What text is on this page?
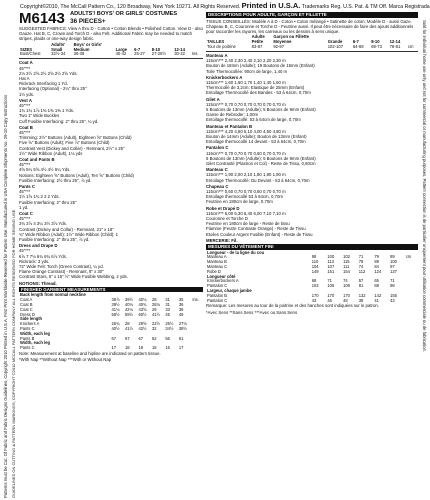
Copyright©2010, The McCall Pattern Co., 120 Broadway, New York 10271. All Rights Reserved. Printed in U.S.A. Trademarks Reg. U.S. Pat. & TM Off. Marca Registrada
Patterns must be Cut, Of Fabric and Fabric Designs Guidelines, Copyright 2010 Printed in U.S.A. First Print Worldwide Reserved for Pattern Use: Manufactured in USA Complete Shipments No. 29-10 Copy Instructions GUIDELINES ON CUTTING & PATTERN MARKINGS, COPYRIGHT ©2010 MCCALL PATTERN COMPANY ALL RIGHTS RESERVED FOR HOME SEWING USE
Sold for individual home use only and not for commercial or manufacturing purposes. Pattern connection is de particulier uniquement pour utilisation commerciale ou de fabrication.
M6143 ADULTS'/ BOYS' OR GIRLS' COSTUMES
36 PIECES+
SUGGESTED FABRICS: View A thru D - Cotton • Cotton Blends • Polished Cotton. View D - also Gauze. Hat B, C, Crown and Torch D - also Felt. Additional Fabric may be needed to match stripes, plaids or one-way design fabric.
	Adults'	Boys' or Girls'					
SIZES	Small	Medium	Large	6-7	8-10	12-14	
Bust/Chest	32½-34	36-38	40-42	25-27	27-28½	30-32	Ins.
Coat A
45"***
2⅛ 2½ 2⅝ 2½ 2⅝ 2½ 2⅝ Yds.
Hat A
Rickrack Interfacing 1 Yd.
Interfacing (Optional) - 2¼" thru 25"
1½ yds.
Vest A
45"***
1¾ 1¾ 1⅞ 1⅜ 1⅜ 1⅜ 1 Yds.
Two 1" Wide Buckles
Cuff Fusible Interfacing: 2" thru 25", ¼ yd.
Coat B
45"***
Trimming: 2½" Buttons (Adult), Eighteen ⅝" Buttons (Child)
Five ⅝" Buttons (Adult); Five ⅞" Buttons (Child)
Contrast Vest (Dickey and Collar) - Remnant, 2½" x 25"
1½" Wide Ribbon (Adult), 1⅛ yds
Coat and Pants B
45"***
4⅝ 5¼ 5⅝ 4½ 4½ 5¼ Yds.
Notions: Eighteen ⅝" Buttons (Adult), Ten ⅝" Buttons (Child)
Fusible Interfacing: 2½ thru 25", ⅞ yd.
Pants C
45"***
1½ 1⅝ 1¾ 2 2 2 Yds.
Fusible Interfacing: 2" thru 25"
1 yd.
Coat C
45"***
3¾ 3⅞ 4 3¼ 3½ 3⅞ Yds.
Contrast (Dickey and Collar) - Remnant, 21" x 18"
¾" Wide Ribbon (Adult): 1½" Wide Ribbon (Child): 1
Fusible Interfacing: 2" thru 25", ⅞ yd.
Dress and Drape D
45"***
6⅞ 7 7⅛ 6¾ 6¾ 6⅞ Yds.
Rickrack: 3 yds.
72" Wide Felt: Torch (Green Contrast), ¼ yd.
Flame Orange Contrast) - Remnant, 8" x 30"
Contrast Stars, 5" x 15" ½" Wide Fusible Webbing, 2 yds.
NOTIONS: Thread.
FINISHED GARMENT MEASUREMENTS
Back length from normal neckline							
Coat A	38⅞	39½	40⅛	28	31	35	Ins.
Coat B	39½	40⅛	40¾	28⅛	31	36	
Coat C	41⅛	42⅛	43⅝	29	33	38	
Dress D	58½	59½	60½	41½	45	49	
Side length							
Knickers A	26¾	28	29⅝	22½	25½	27⅛	
Pants C	40½	41½	42½	32	34½	38½	
Width, each leg							
Pants B	67	67	67	52	56	61	
Width, each leg							
Pants C	17	18	19	15	16	17	
Note: Measurement at baseline and hipline are indicated on pattern tissue.
*With Nap **Without Nap ***With or Without Nap
DESCRIPTIONS POUR ADULTE, GARÇON ET FILLETTE
TISSUS CONSEILLÉS: Modèle A à D - Coton • Coton mélangé • Satinette de coton; Modèle D - aussi Gaze. Chapeau B, C, Couronne et Torche D - Feutrine aussi. Il peut être nécessaire de faire des ajouts additionnels pour raccorder les rayures, les carreaux ou les dessins à sens unique.
	Adulte	Garçon ou Fillette					
TAILLES	Petite	Moyenne	Grande	6-7	8-10	12-14	
Tour de poitrine	83-87	92-97	102-107	64-69	69-73	76-81	cm
Manteau A
115cm*** 2,40 2,30 2,40 2,10 2,20 2,30 m
Bouton de 18mm (Adulte); 19 Boutons de 15mm (Enfant)
Toile Thermocollée: 90cm de large, 1,40 m
Knickerbockers A
115cm*** 1,60 1,60 1,70 1,40 1,40 1,60 m
Thermocollé de 3,2cm; Elastique de 25mm (Enfant)
Entoilage Thermocollé des Bandes - 53 à 64cm, 0,70m
Gilet A
115cm*** 0,70 0,70 0,70 0,70 0,70 0,70 m
5 Boutons de 13mm (Adulte); 5 Boutons de 9mm (Enfant)
Ganse de Rebroder; 1,00m
Entoilage thermocollé: 53 à 64cm de large, 0,70m
Manteau et Pantalon B
115cm*** 4,20 4,60 5,10 4,00 4,50 4,80 m
Bouton de 14mm (Adulte); Bouton de 13mm (Enfant)
Entoilage thermocollé 14 devant - 53 à 64cm, 0,70m
Pantalon C
115cm*** 0,70 0,70 0,70 0,60 0,70 0,70 m
5 Boutons de 13mm (Adulte); 5 Boutons de 9mm (Enfant)
Gilet Contrasté (Plastron et Col) - Reste de Tissu, 0,60cm
Manteau C
115cm*** 1,90 2,00 2,10 1,80 1,80 1,90 m
Entoilage Thermocollé: Du Devant - 53 à 64cm, 0,70m
Chapeau C
115cm*** 0,60 0,70 0,70 0,60 0,70 0,70 m
Entoilage thermocollé 53 à 64cm, 0,70m
Feutrine en 180cm de large, 0,70m
Robe et Drapé D
115cm*** 6,00 6,30 6,40 6,00 7,10 7,10 m
Couronne et Torche D
Feutrine en 180cm de large - Reste de tissu
Flamme (Feutre Contraste Orange) - Reste de Tissu
Etoiles Couleur Argent Fusible (Enfant) - Reste de Tissu
MERCERIE: Fil.
MESURES DU VÊTEMENT FINI
Longueur - de la ligne du cou							
Manteau A	98	100	102	71	79	89	cm
Manteau B	110	113	115	79	89	100	
Manteau C	104	107	111	74	84	97	
Robe D	149	151	154	112	124	137	
Longueur côté							
Knickerbockers A	68	71	74	57	65	71	
Pantalon C	103	105	108	81	88	98	
Largeur, chaque jambe							
Pantalon B	170	170	170	132	142	155	
Pantalon C	43	46	48	38	41	43	
Remarque: Les mesures au tour de la poitrine et des hanches sont indiquées sur le patron.
*Avec Sens **Sans Sens ***Avec ou Sans Sens
